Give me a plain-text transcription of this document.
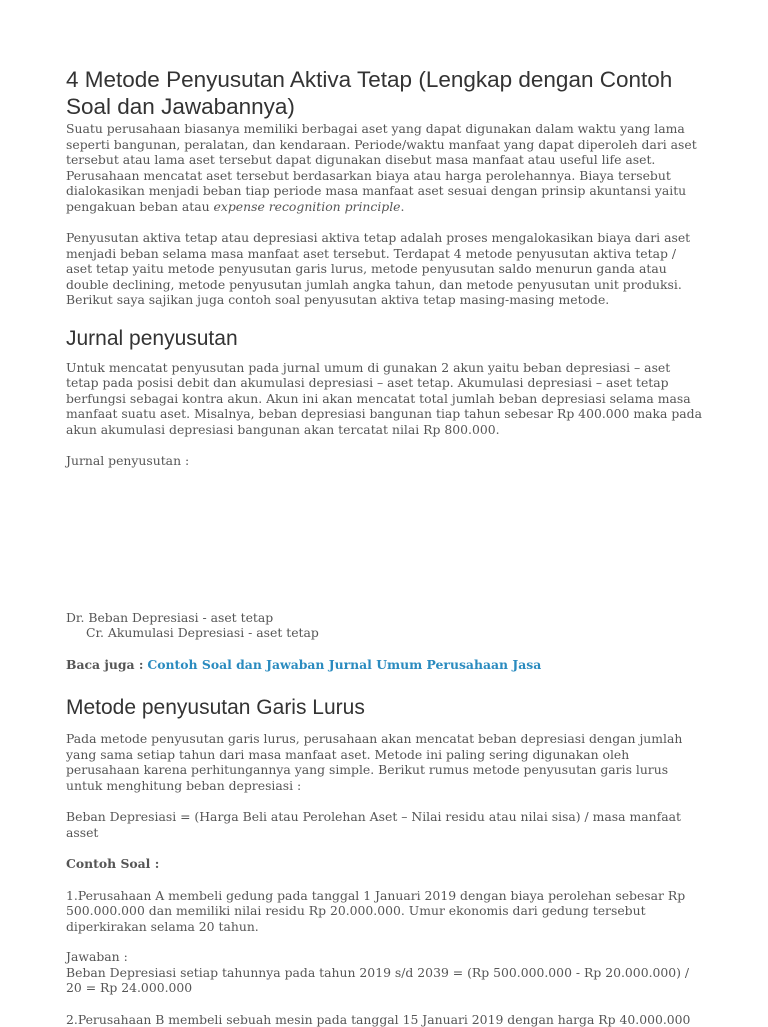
4 Metode Penyusutan Aktiva Tetap (Lengkap dengan Contoh Soal dan Jawabannya)

Suatu perusahaan biasanya memiliki berbagai aset yang dapat digunakan dalam waktu yang lama seperti bangunan, peralatan, dan kendaraan. Periode/waktu manfaat yang dapat diperoleh dari aset tersebut atau lama aset tersebut dapat digunakan disebut masa manfaat atau useful life aset. Perusahaan mencatat aset tersebut berdasarkan biaya atau harga perolehannya. Biaya tersebut dialokasikan menjadi beban tiap periode masa manfaat aset sesuai dengan prinsip akuntansi yaitu pengakuan beban atau expense recognition principle.

Penyusutan aktiva tetap atau depresiasi aktiva tetap adalah proses mengalokasikan biaya dari aset menjadi beban selama masa manfaat aset tersebut. Terdapat 4 metode penyusutan aktiva tetap / aset tetap yaitu metode penyusutan garis lurus, metode penyusutan saldo menurun ganda atau double declining, metode penyusutan jumlah angka tahun, dan metode penyusutan unit produksi. Berikut saya sajikan juga contoh soal penyusutan aktiva tetap masing-masing metode.

Jurnal penyusutan

Untuk mencatat penyusutan pada jurnal umum di gunakan 2 akun yaitu beban depresiasi – aset tetap pada posisi debit dan akumulasi depresiasi – aset tetap. Akumulasi depresiasi – aset tetap berfungsi sebagai kontra akun. Akun ini akan mencatat total jumlah beban depresiasi selama masa manfaat suatu aset. Misalnya, beban depresiasi bangunan tiap tahun sebesar Rp 400.000 maka pada akun akumulasi depresiasi bangunan akan tercatat nilai Rp 800.000.

Jurnal penyusutan :

Dr. Beban Depresiasi - aset tetap

Cr. Akumulasi Depresiasi - aset tetap

Baca juga : Contoh Soal dan Jawaban Jurnal Umum Perusahaan Jasa

Metode penyusutan Garis Lurus

Pada metode penyusutan garis lurus, perusahaan akan mencatat beban depresiasi dengan jumlah yang sama setiap tahun dari masa manfaat aset. Metode ini paling sering digunakan oleh perusahaan karena perhitungannya yang simple. Berikut rumus metode penyusutan garis lurus untuk menghitung beban depresiasi :

Beban Depresiasi = (Harga Beli atau Perolehan Aset – Nilai residu atau nilai sisa) / masa manfaat asset

Contoh Soal :

1.Perusahaan A membeli gedung pada tanggal 1 Januari 2019 dengan biaya perolehan sebesar Rp 500.000.000 dan memiliki nilai residu Rp 20.000.000. Umur ekonomis dari gedung tersebut diperkirakan selama 20 tahun.

Jawaban :

Beban Depresiasi setiap tahunnya pada tahun 2019 s/d 2039 = (Rp 500.000.000 - Rp 20.000.000) / 20 = Rp 24.000.000

2.Perusahaan B membeli sebuah mesin pada tanggal 15 Januari 2019 dengan harga Rp 40.000.000
